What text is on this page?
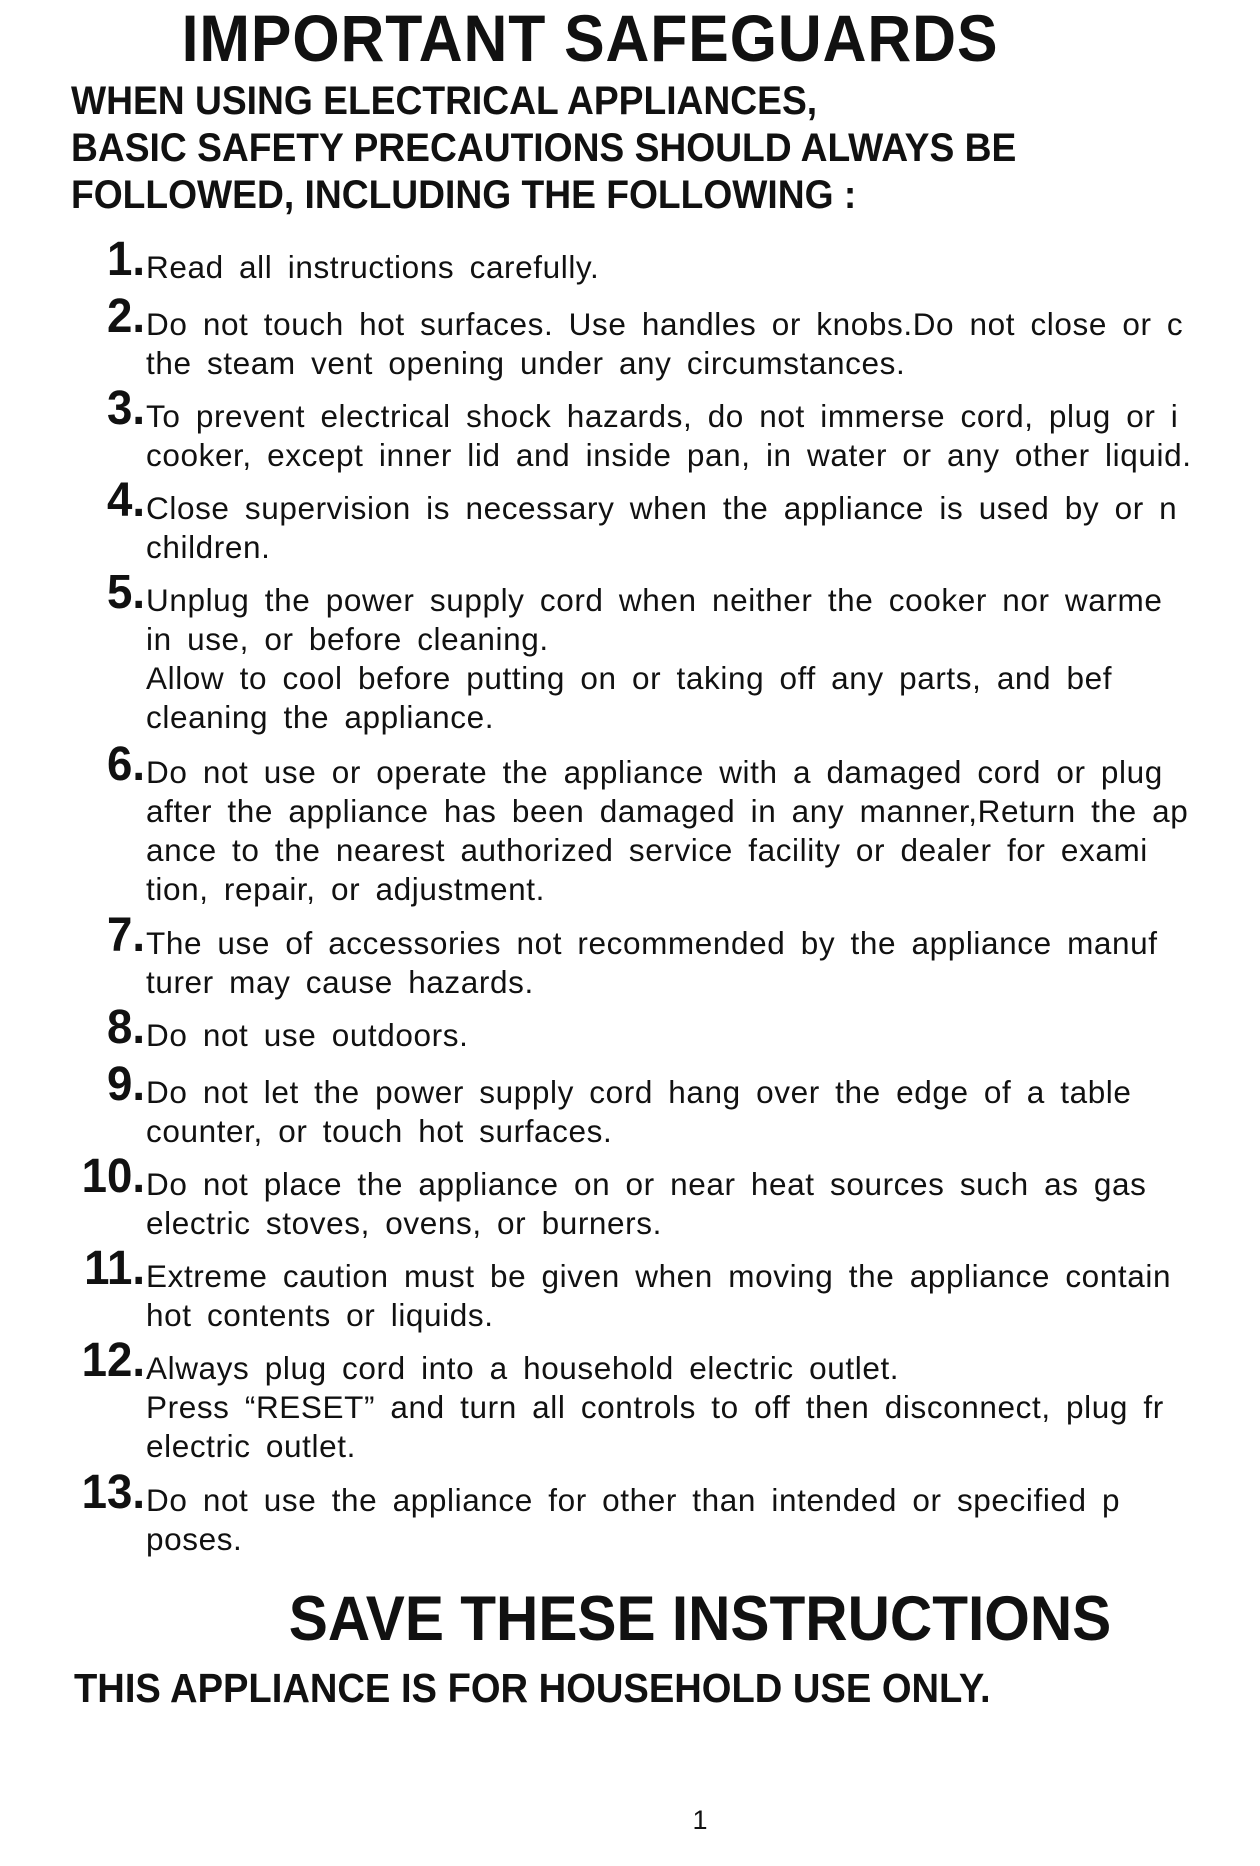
IMPORTANT SAFEGUARDS
WHEN USING ELECTRICAL APPLIANCES,
BASIC SAFETY PRECAUTIONS SHOULD ALWAYS BE
FOLLOWED, INCLUDING THE FOLLOWING :
1. Read all instructions carefully.
2. Do not touch hot surfaces. Use handles or knobs.Do not close or c
the steam vent opening under any circumstances.
3. To prevent electrical shock hazards, do not immerse cord, plug or i
cooker, except inner lid and inside pan, in water or any other liquid.
4. Close supervision is necessary when the appliance is used by or n
children.
5. Unplug the power supply cord when neither the cooker nor warme
in use, or before cleaning.
Allow to cool before putting on or taking off any parts, and bef
cleaning the appliance.
6. Do not use or operate the appliance with a damaged cord or plug
after the appliance has been damaged in any manner,Return the ap
ance to the nearest authorized service facility or dealer for exami
tion, repair, or adjustment.
7. The use of accessories not recommended by the appliance manuf
turer may cause hazards.
8. Do not use outdoors.
9. Do not let the power supply cord hang over the edge of a table
counter, or touch hot surfaces.
10. Do not place the appliance on or near heat sources such as gas
electric stoves, ovens, or burners.
11. Extreme caution must be given when moving the appliance contain
hot contents or liquids.
12. Always plug cord into a household electric outlet.
Press “RESET” and turn all controls to off then disconnect, plug fr
electric outlet.
13. Do not use the appliance for other than intended or specified p
poses.
SAVE THESE INSTRUCTIONS
THIS APPLIANCE IS FOR HOUSEHOLD USE ONLY.
1
